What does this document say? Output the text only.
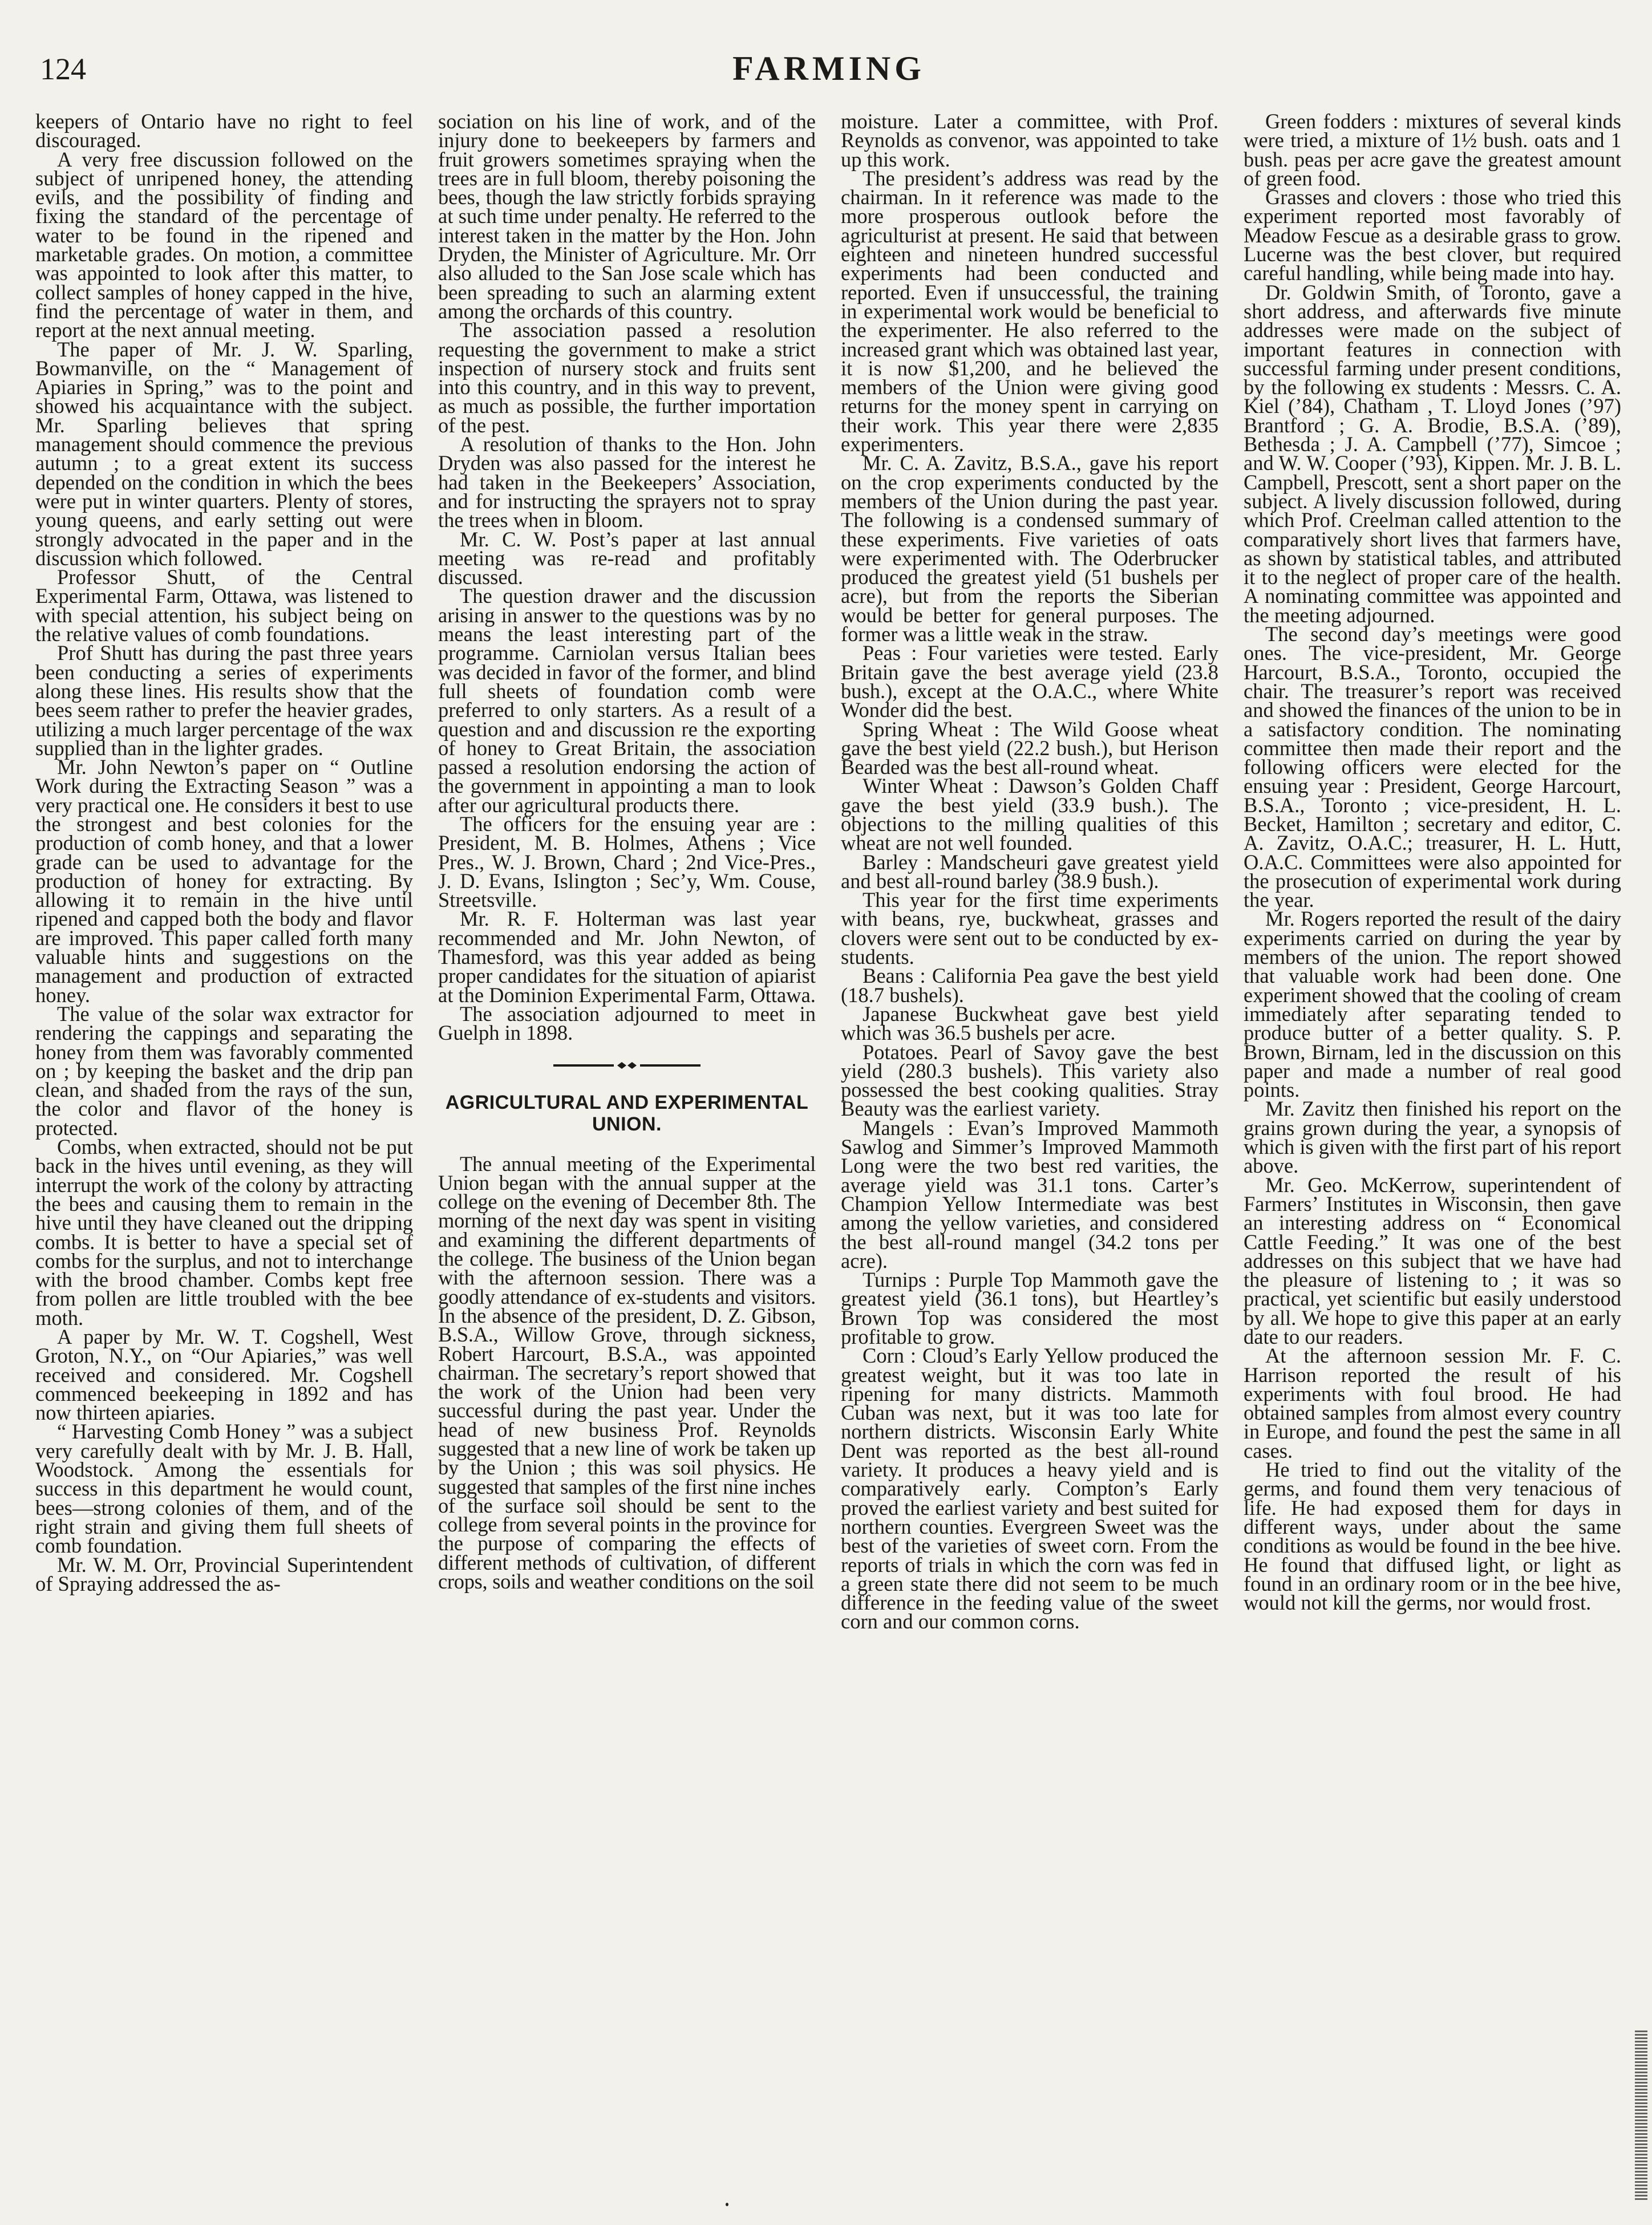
124	FARMING

keepers of Ontario have no right to feel discouraged.

A very free discussion followed on the subject of unripened honey, the attending evils, and the possibility of finding and fixing the standard of the percentage of water to be found in the ripened and marketable grades. On motion, a committee was appointed to look after this matter, to collect samples of honey capped in the hive, find the percentage of water in them, and report at the next annual meeting.

The paper of Mr. J. W. Sparling, Bowmanville, on the “ Management of Apiaries in Spring,” was to the point and showed his acquaintance with the subject. Mr. Sparling believes that spring management should commence the previous autumn ; to a great extent its success depended on the condition in which the bees were put in winter quarters. Plenty of stores, young queens, and early setting out were strongly advocated in the paper and in the discussion which followed.

Professor Shutt, of the Central Experimental Farm, Ottawa, was listened to with special attention, his subject being on the relative values of comb foundations.

Prof Shutt has during the past three years been conducting a series of experiments along these lines. His results show that the bees seem rather to prefer the heavier grades, utilizing a much larger percentage of the wax supplied than in the lighter grades.

Mr. John Newton’s paper on “ Outline Work during the Extracting Season ” was a very practical one. He considers it best to use the strongest and best colonies for the production of comb honey, and that a lower grade can be used to advantage for the production of honey for extracting. By allowing it to remain in the hive until ripened and capped both the body and flavor are improved. This paper called forth many valuable hints and suggestions on the management and production of extracted honey.

The value of the solar wax extractor for rendering the cappings and separating the honey from them was favorably commented on ; by keeping the basket and the drip pan clean, and shaded from the rays of the sun, the color and flavor of the honey is protected.

Combs, when extracted, should not be put back in the hives until evening, as they will interrupt the work of the colony by attracting the bees and causing them to remain in the hive until they have cleaned out the dripping combs. It is better to have a special set of combs for the surplus, and not to interchange with the brood chamber. Combs kept free from pollen are little troubled with the bee moth.

A paper by Mr. W. T. Cogshell, West Groton, N.Y., on “Our Apiaries,” was well received and considered. Mr. Cogshell commenced beekeeping in 1892 and has now thirteen apiaries.

“ Harvesting Comb Honey ” was a subject very carefully dealt with by Mr. J. B. Hall, Woodstock. Among the essentials for success in this department he would count, bees—strong colonies of them, and of the right strain and giving them full sheets of comb foundation.

Mr. W. M. Orr, Provincial Superintendent of Spraying addressed the as-

sociation on his line of work, and of the injury done to beekeepers by farmers and fruit growers sometimes spraying when the trees are in full bloom, thereby poisoning the bees, though the law strictly forbids spraying at such time under penalty. He referred to the interest taken in the matter by the Hon. John Dryden, the Minister of Agriculture. Mr. Orr also alluded to the San Jose scale which has been spreading to such an alarming extent among the orchards of this country.

The association passed a resolution requesting the government to make a strict inspection of nursery stock and fruits sent into this country, and in this way to prevent, as much as possible, the further importation of the pest.

A resolution of thanks to the Hon. John Dryden was also passed for the interest he had taken in the Beekeepers’ Association, and for instructing the sprayers not to spray the trees when in bloom.

Mr. C. W. Post’s paper at last annual meeting was re-read and profitably discussed.

The question drawer and the discussion arising in answer to the questions was by no means the least interesting part of the programme. Carniolan versus Italian bees was decided in favor of the former, and blind full sheets of foundation comb were preferred to only starters. As a result of a question and and discussion re the exporting of honey to Great Britain, the association passed a resolution endorsing the action of the government in appointing a man to look after our agricultural products there.

The officers for the ensuing year are : President, M. B. Holmes, Athens ; Vice Pres., W. J. Brown, Chard ; 2nd Vice-Pres., J. D. Evans, Islington ; Sec’y, Wm. Couse, Streetsville.

Mr. R. F. Holterman was last year recommended and Mr. John Newton, of Thamesford, was this year added as being proper candidates for the situation of apiarist at the Dominion Experimental Farm, Ottawa.

The association adjourned to meet in Guelph in 1898.

AGRICULTURAL AND EXPERIMENTAL UNION.

The annual meeting of the Experimental Union began with the annual supper at the college on the evening of December 8th. The morning of the next day was spent in visiting and examining the different departments of the college. The business of the Union began with the afternoon session. There was a goodly attendance of ex-students and visitors. In the absence of the president, D. Z. Gibson, B.S.A., Willow Grove, through sickness, Robert Harcourt, B.S.A., was appointed chairman. The secretary’s report showed that the work of the Union had been very successful during the past year. Under the head of new business Prof. Reynolds suggested that a new line of work be taken up by the Union ; this was soil physics. He suggested that samples of the first nine inches of the surface soil should be sent to the college from several points in the province for the purpose of comparing the effects of different methods of cultivation, of different crops, soils and weather conditions on the soil

moisture. Later a committee, with Prof. Reynolds as convenor, was appointed to take up this work.

The president’s address was read by the chairman. In it reference was made to the more prosperous outlook before the agriculturist at present. He said that between eighteen and nineteen hundred successful experiments had been conducted and reported. Even if unsuccessful, the training in experimental work would be beneficial to the experimenter. He also referred to the increased grant which was obtained last year, it is now $1,200, and he believed the members of the Union were giving good returns for the money spent in carrying on their work. This year there were 2,835 experimenters.

Mr. C. A. Zavitz, B.S.A., gave his report on the crop experiments conducted by the members of the Union during the past year. The following is a condensed summary of these experiments. Five varieties of oats were experimented with. The Oderbrucker produced the greatest yield (51 bushels per acre), but from the reports the Siberian would be better for general purposes. The former was a little weak in the straw.

Peas : Four varieties were tested. Early Britain gave the best average yield (23.8 bush.), except at the O.A.C., where White Wonder did the best.

Spring Wheat : The Wild Goose wheat gave the best yield (22.2 bush.), but Herison Bearded was the best all-round wheat.

Winter Wheat : Dawson’s Golden Chaff gave the best yield (33.9 bush.). The objections to the milling qualities of this wheat are not well founded.

Barley : Mandscheuri gave greatest yield and best all-round barley (38.9 bush.).

This year for the first time experiments with beans, rye, buckwheat, grasses and clovers were sent out to be conducted by ex-students.

Beans : California Pea gave the best yield (18.7 bushels).

Japanese Buckwheat gave best yield which was 36.5 bushels per acre.

Potatoes. Pearl of Savoy gave the best yield (280.3 bushels). This variety also possessed the best cooking qualities. Stray Beauty was the earliest variety.

Mangels : Evan’s Improved Mammoth Sawlog and Simmer’s Improved Mammoth Long were the two best red varities, the average yield was 31.1 tons. Carter’s Champion Yellow Intermediate was best among the yellow varieties, and considered the best all-round mangel (34.2 tons per acre).

Turnips : Purple Top Mammoth gave the greatest yield (36.1 tons), but Heartley’s Brown Top was considered the most profitable to grow.

Corn : Cloud’s Early Yellow produced the greatest weight, but it was too late in ripening for many districts. Mammoth Cuban was next, but it was too late for northern districts. Wisconsin Early White Dent was reported as the best all-round variety. It produces a heavy yield and is comparatively early. Compton’s Early proved the earliest variety and best suited for northern counties. Evergreen Sweet was the best of the varieties of sweet corn. From the reports of trials in which the corn was fed in a green state there did not seem to be much difference in the feeding value of the sweet corn and our common corns.

Green fodders : mixtures of several kinds were tried, a mixture of 1½ bush. oats and 1 bush. peas per acre gave the greatest amount of green food.

Grasses and clovers : those who tried this experiment reported most favorably of Meadow Fescue as a desirable grass to grow. Lucerne was the best clover, but required careful handling, while being made into hay.

Dr. Goldwin Smith, of Toronto, gave a short address, and afterwards five minute addresses were made on the subject of important features in connection with successful farming under present conditions, by the following ex students : Messrs. C. A. Kiel (’84), Chatham , T. Lloyd Jones (’97) Brantford ; G. A. Brodie, B.S.A. (’89), Bethesda ; J. A. Campbell (’77), Simcoe ; and W. W. Cooper (’93), Kippen. Mr. J. B. L. Campbell, Prescott, sent a short paper on the subject. A lively discussion followed, during which Prof. Creelman called attention to the comparatively short lives that farmers have, as shown by statistical tables, and attributed it to the neglect of proper care of the health. A nominating committee was appointed and the meeting adjourned.

The second day’s meetings were good ones. The vice-president, Mr. George Harcourt, B.S.A., Toronto, occupied the chair. The treasurer’s report was received and showed the finances of the union to be in a satisfactory condition. The nominating committee then made their report and the following officers were elected for the ensuing year : President, George Harcourt, B.S.A., Toronto ; vice-president, H. L. Becket, Hamilton ; secretary and editor, C. A. Zavitz, O.A.C.; treasurer, H. L. Hutt, O.A.C. Committees were also appointed for the prosecution of experimental work during the year.

Mr. Rogers reported the result of the dairy experiments carried on during the year by members of the union. The report showed that valuable work had been done. One experiment showed that the cooling of cream immediately after separating tended to produce butter of a better quality. S. P. Brown, Birnam, led in the discussion on this paper and made a number of real good points.

Mr. Zavitz then finished his report on the grains grown during the year, a synopsis of which is given with the first part of his report above.

Mr. Geo. McKerrow, superintendent of Farmers’ Institutes in Wisconsin, then gave an interesting address on “ Economical Cattle Feeding.” It was one of the best addresses on this subject that we have had the pleasure of listening to ; it was so practical, yet scientific but easily understood by all. We hope to give this paper at an early date to our readers.

At the afternoon session Mr. F. C. Harrison reported the result of his experiments with foul brood. He had obtained samples from almost every country in Europe, and found the pest the same in all cases.

He tried to find out the vitality of the germs, and found them very tenacious of life. He had exposed them for days in different ways, under about the same conditions as would be found in the bee hive. He found that diffused light, or light as found in an ordinary room or in the bee hive, would not kill the germs, nor would frost.
